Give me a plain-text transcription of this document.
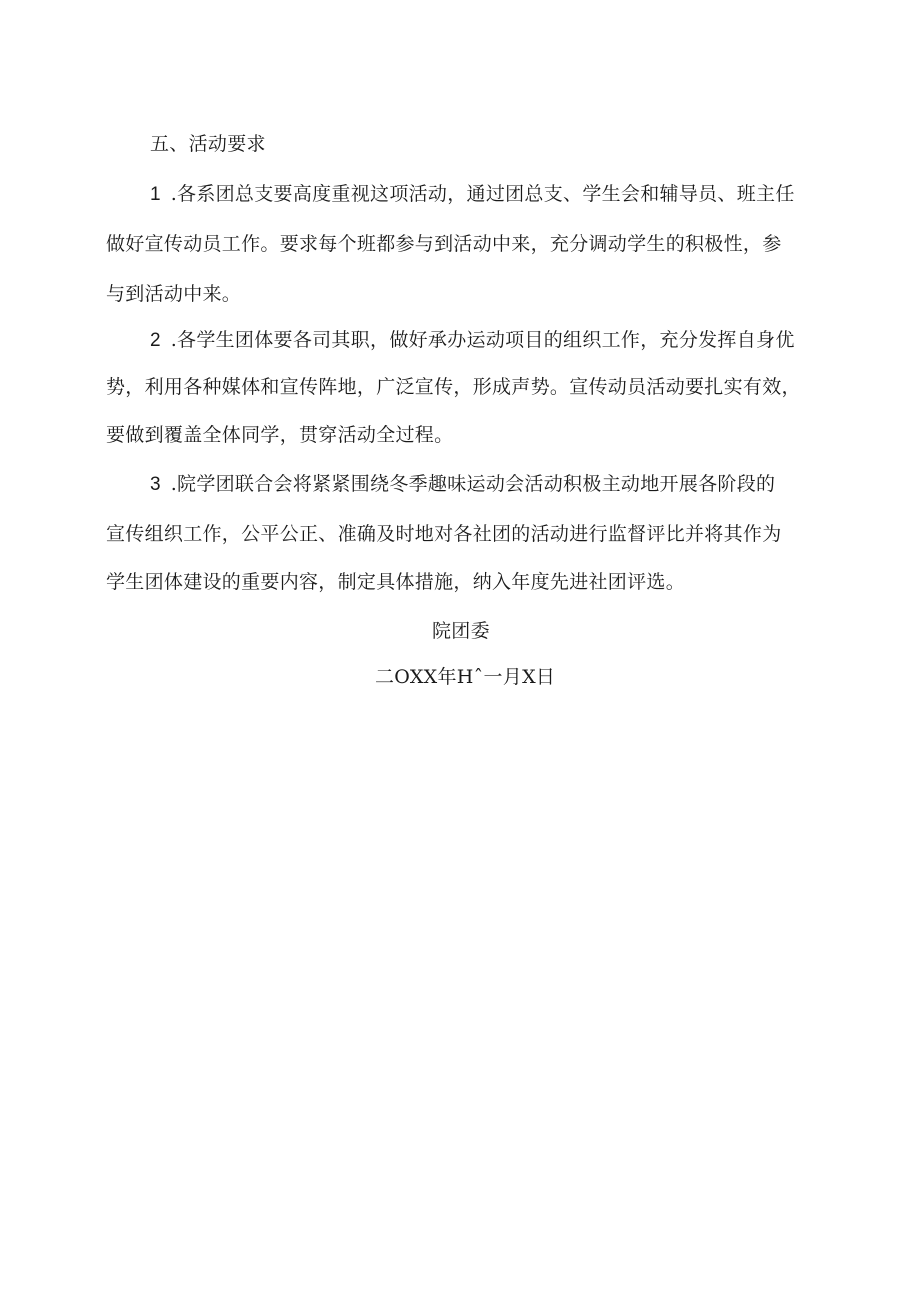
五、活动要求
1  .各系团总支要高度重视这项活动，通过团总支、学生会和辅导员、班主任
做好宣传动员工作。要求每个班都参与到活动中来，充分调动学生的积极性，参
与到活动中来。
2  .各学生团体要各司其职，做好承办运动项目的组织工作，充分发挥自身优
势，利用各种媒体和宣传阵地，广泛宣传，形成声势。宣传动员活动要扎实有效，
要做到覆盖全体同学，贯穿活动全过程。
3  .院学团联合会将紧紧围绕冬季趣味运动会活动积极主动地开展各阶段的
宣传组织工作，公平公正、准确及时地对各社团的活动进行监督评比并将其作为
学生团体建设的重要内容，制定具体措施，纳入年度先进社团评选。
院团委
二OXX年Hˆ一月X日
